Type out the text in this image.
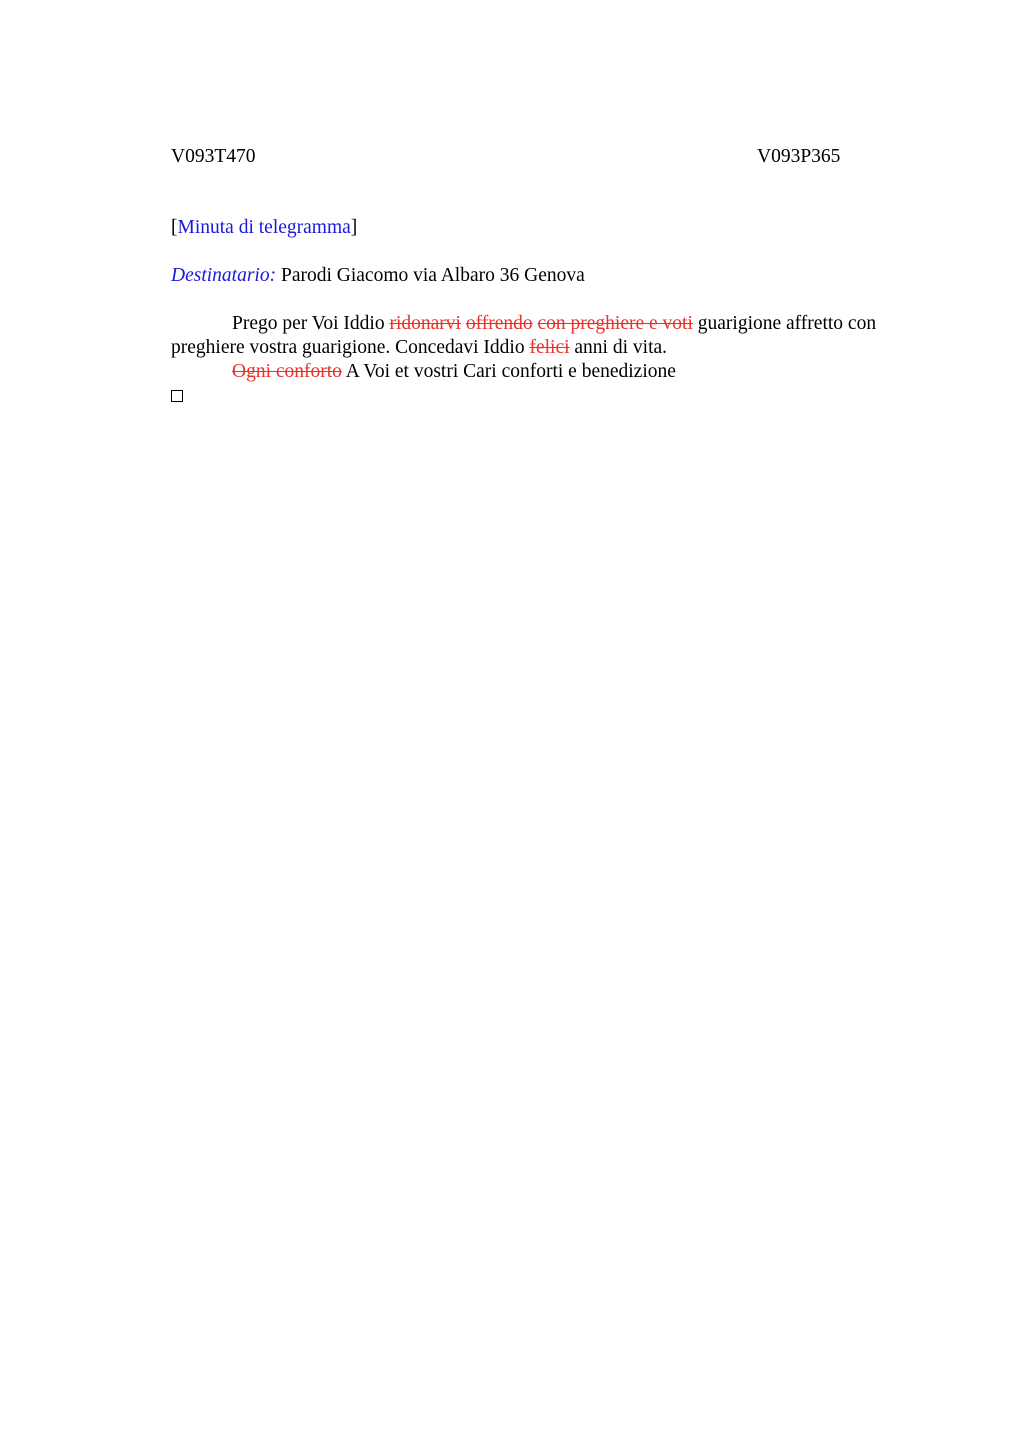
V093T470	V093P365
[Minuta di telegramma]
Destinatario: Parodi Giacomo via Albaro 36 Genova

Prego per Voi Iddio ridonarvi offrendo con preghiere e voti guarigione affretto con preghiere vostra guarigione. Concedavi Iddio felici anni di vita.

Ogni conforto A Voi et vostri Cari conforti e benedizione
